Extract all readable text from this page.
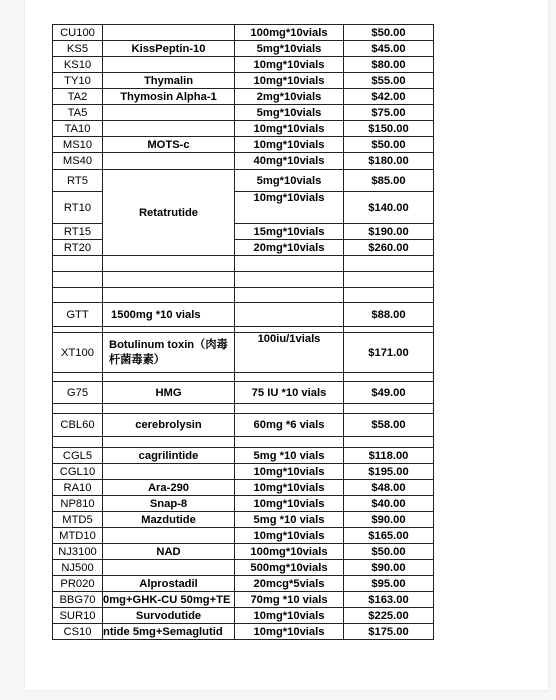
CU100		100mg*10vials	$50.00
KS5	KissPeptin-10	5mg*10vials	$45.00
KS10		10mg*10vials	$80.00
TY10	Thymalin	10mg*10vials	$55.00
TA2	Thymosin Alpha-1	2mg*10vials	$42.00
TA5		5mg*10vials	$75.00
TA10		10mg*10vials	$150.00
MS10	MOTS-c	10mg*10vials	$50.00
MS40		40mg*10vials	$180.00
RT5	Retatrutide	5mg*10vials	$85.00
RT10		10mg*10vials	$140.00
RT15		15mg*10vials	$190.00
RT20		20mg*10vials	$260.00

GTT	1500mg *10 vials		$88.00

XT100	Botulinum toxin（肉毒杆菌毒素）	100iu/1vials	$171.00

G75	HMG	75 IU *10 vials	$49.00

CBL60	cerebrolysin	60mg *6 vials	$58.00

CGL5	cagrilintide	5mg *10 vials	$118.00
CGL10		10mg*10vials	$195.00
RA10	Ara-290	10mg*10vials	$48.00
NP810	Snap-8	10mg*10vials	$40.00
MTD5	Mazdutide	5mg *10 vials	$90.00
MTD10		10mg*10vials	$165.00
NJ3100	NAD	100mg*10vials	$50.00
NJ500		500mg*10vials	$90.00
PR020	Alprostadil	20mcg*5vials	$95.00
BBG70	0mg+GHK-CU 50mg+TE	70mg *10 vials	$163.00
SUR10	Survodutide	10mg*10vials	$225.00
CS10	ntide 5mg+Semaglutid	10mg*10vials	$175.00
